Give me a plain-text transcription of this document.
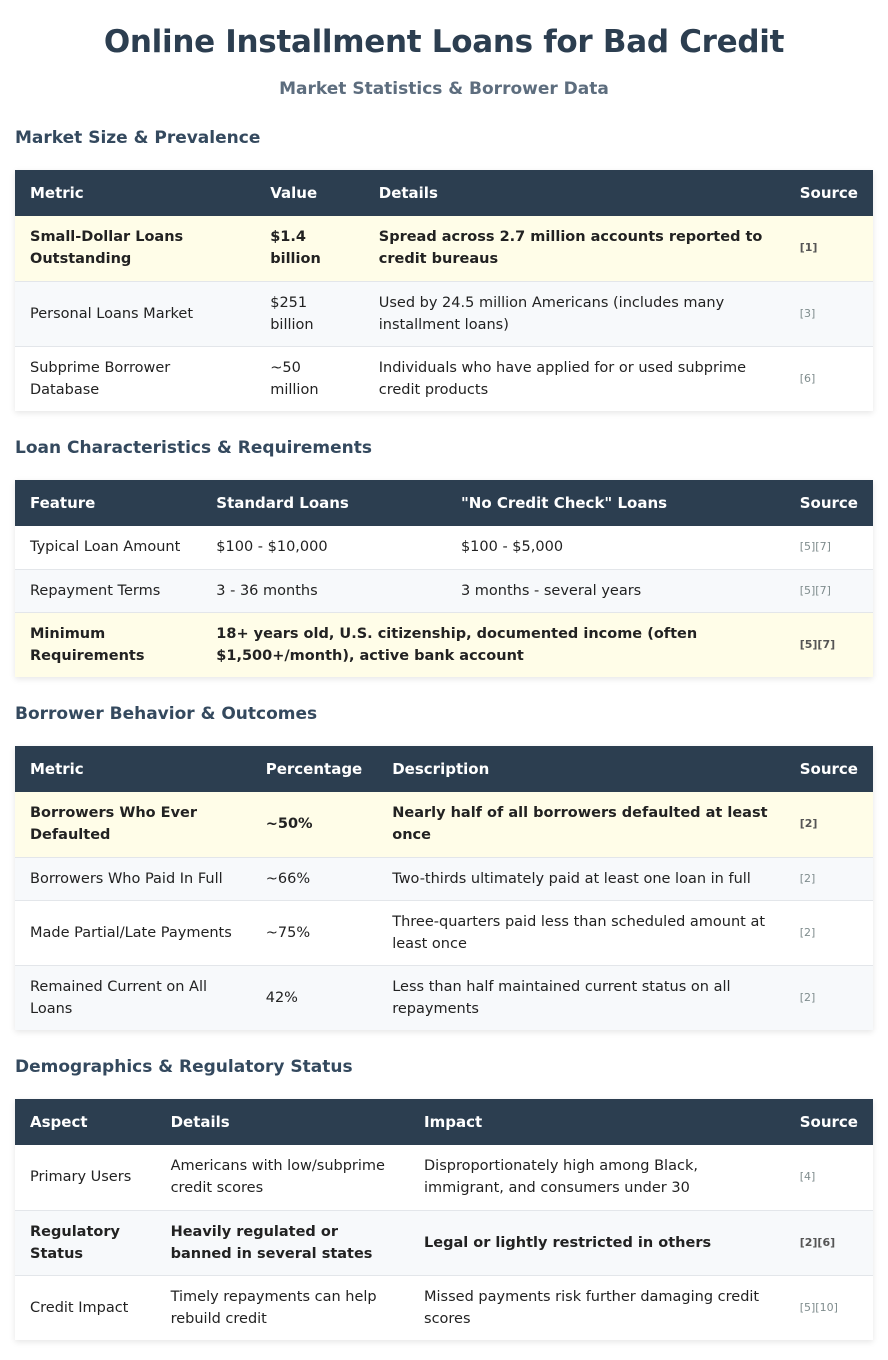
Online Installment Loans for Bad Credit
Market Statistics & Borrower Data
Market Size & Prevalence
Metric	Value	Details	Source
Small-Dollar Loans Outstanding	$1.4 billion	Spread across 2.7 million accounts reported to credit bureaus	[1]
Personal Loans Market	$251 billion	Used by 24.5 million Americans (includes many installment loans)	[3]
Subprime Borrower Database	~50 million	Individuals who have applied for or used subprime credit products	[6]
Loan Characteristics & Requirements
Feature	Standard Loans	"No Credit Check" Loans	Source
Typical Loan Amount	$100 - $10,000	$100 - $5,000	[5][7]
Repayment Terms	3 - 36 months	3 months - several years	[5][7]
Minimum Requirements	18+ years old, U.S. citizenship, documented income (often $1,500+/month), active bank account		[5][7]
Borrower Behavior & Outcomes
Metric	Percentage	Description	Source
Borrowers Who Ever Defaulted	~50%	Nearly half of all borrowers defaulted at least once	[2]
Borrowers Who Paid In Full	~66%	Two-thirds ultimately paid at least one loan in full	[2]
Made Partial/Late Payments	~75%	Three-quarters paid less than scheduled amount at least once	[2]
Remained Current on All Loans	42%	Less than half maintained current status on all repayments	[2]
Demographics & Regulatory Status
Aspect	Details	Impact	Source
Primary Users	Americans with low/subprime credit scores	Disproportionately high among Black, immigrant, and consumers under 30	[4]
Regulatory Status	Heavily regulated or banned in several states	Legal or lightly restricted in others	[2][6]
Credit Impact	Timely repayments can help rebuild credit	Missed payments risk further damaging credit scores	[5][10]
